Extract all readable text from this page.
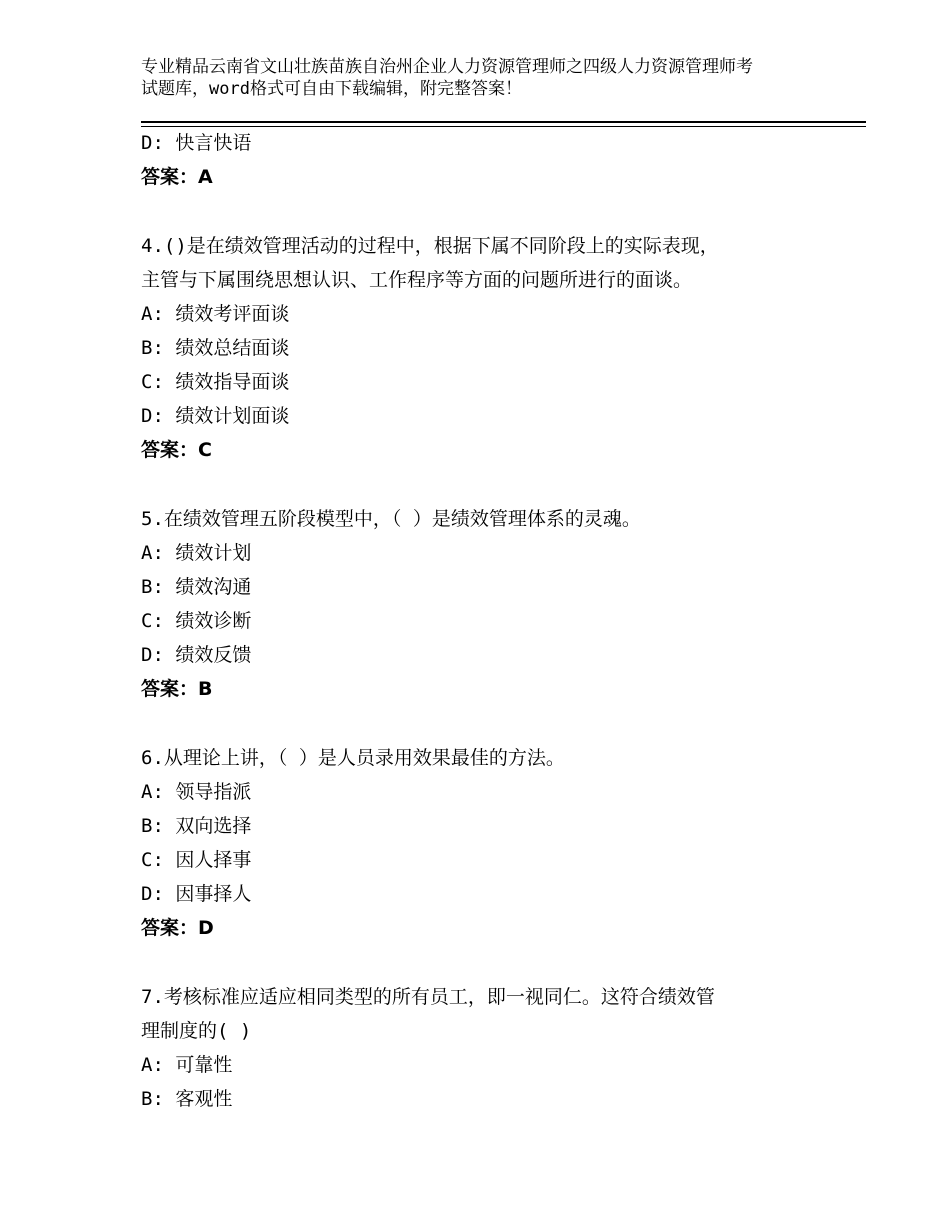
专业精品云南省文山壮族苗族自治州企业人力资源管理师之四级人力资源管理师考
试题库，word格式可自由下载编辑，附完整答案！
D: 快言快语
答案：A
4.()是在绩效管理活动的过程中，根据下属不同阶段上的实际表现，
主管与下属围绕思想认识、工作程序等方面的问题所进行的面谈。
A: 绩效考评面谈
B: 绩效总结面谈
C: 绩效指导面谈
D: 绩效计划面谈
答案：C
5.在绩效管理五阶段模型中，（ ）是绩效管理体系的灵魂。
A: 绩效计划
B: 绩效沟通
C: 绩效诊断
D: 绩效反馈
答案：B
6.从理论上讲，（ ）是人员录用效果最佳的方法。
A: 领导指派
B: 双向选择
C: 因人择事
D: 因事择人
答案：D
7.考核标准应适应相同类型的所有员工，即一视同仁。这符合绩效管
理制度的( )
A: 可靠性
B: 客观性
